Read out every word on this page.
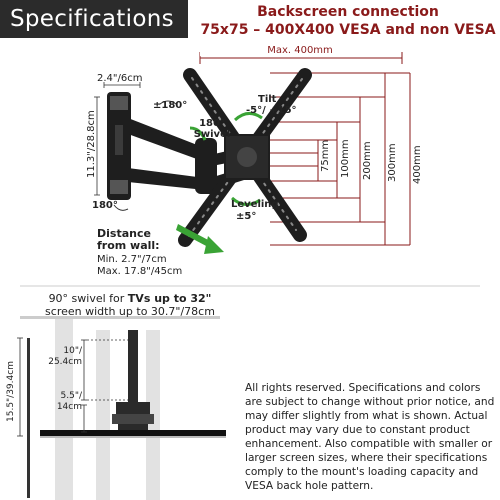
Specifications	Backscreen connection
75x75 – 400X400 VESA and non VESA
Max. 400mm
2.4"/6cm
11.3"/28.8cm
±180°
180°
Swivel
Tilt
-5°/ +15°
180°	Leveling
±5°
75mm 100mm 200mm 300mm 400mm
Distance
from wall:
Min. 2.7"/7cm
Max. 17.8"/45cm
90° swivel for TVs up to 32"
screen width up to 30.7"/78cm
15.5"/39.4cm
10"/
25.4cm
5.5"/
14cm
All rights reserved. Specifications and colors are subject to change without prior notice, and may differ slightly from what is shown. Actual product may vary due to constant product enhancement. Also compatible with smaller or larger screen sizes, where their specifications comply to the mount's loading capacity and VESA back hole pattern.
